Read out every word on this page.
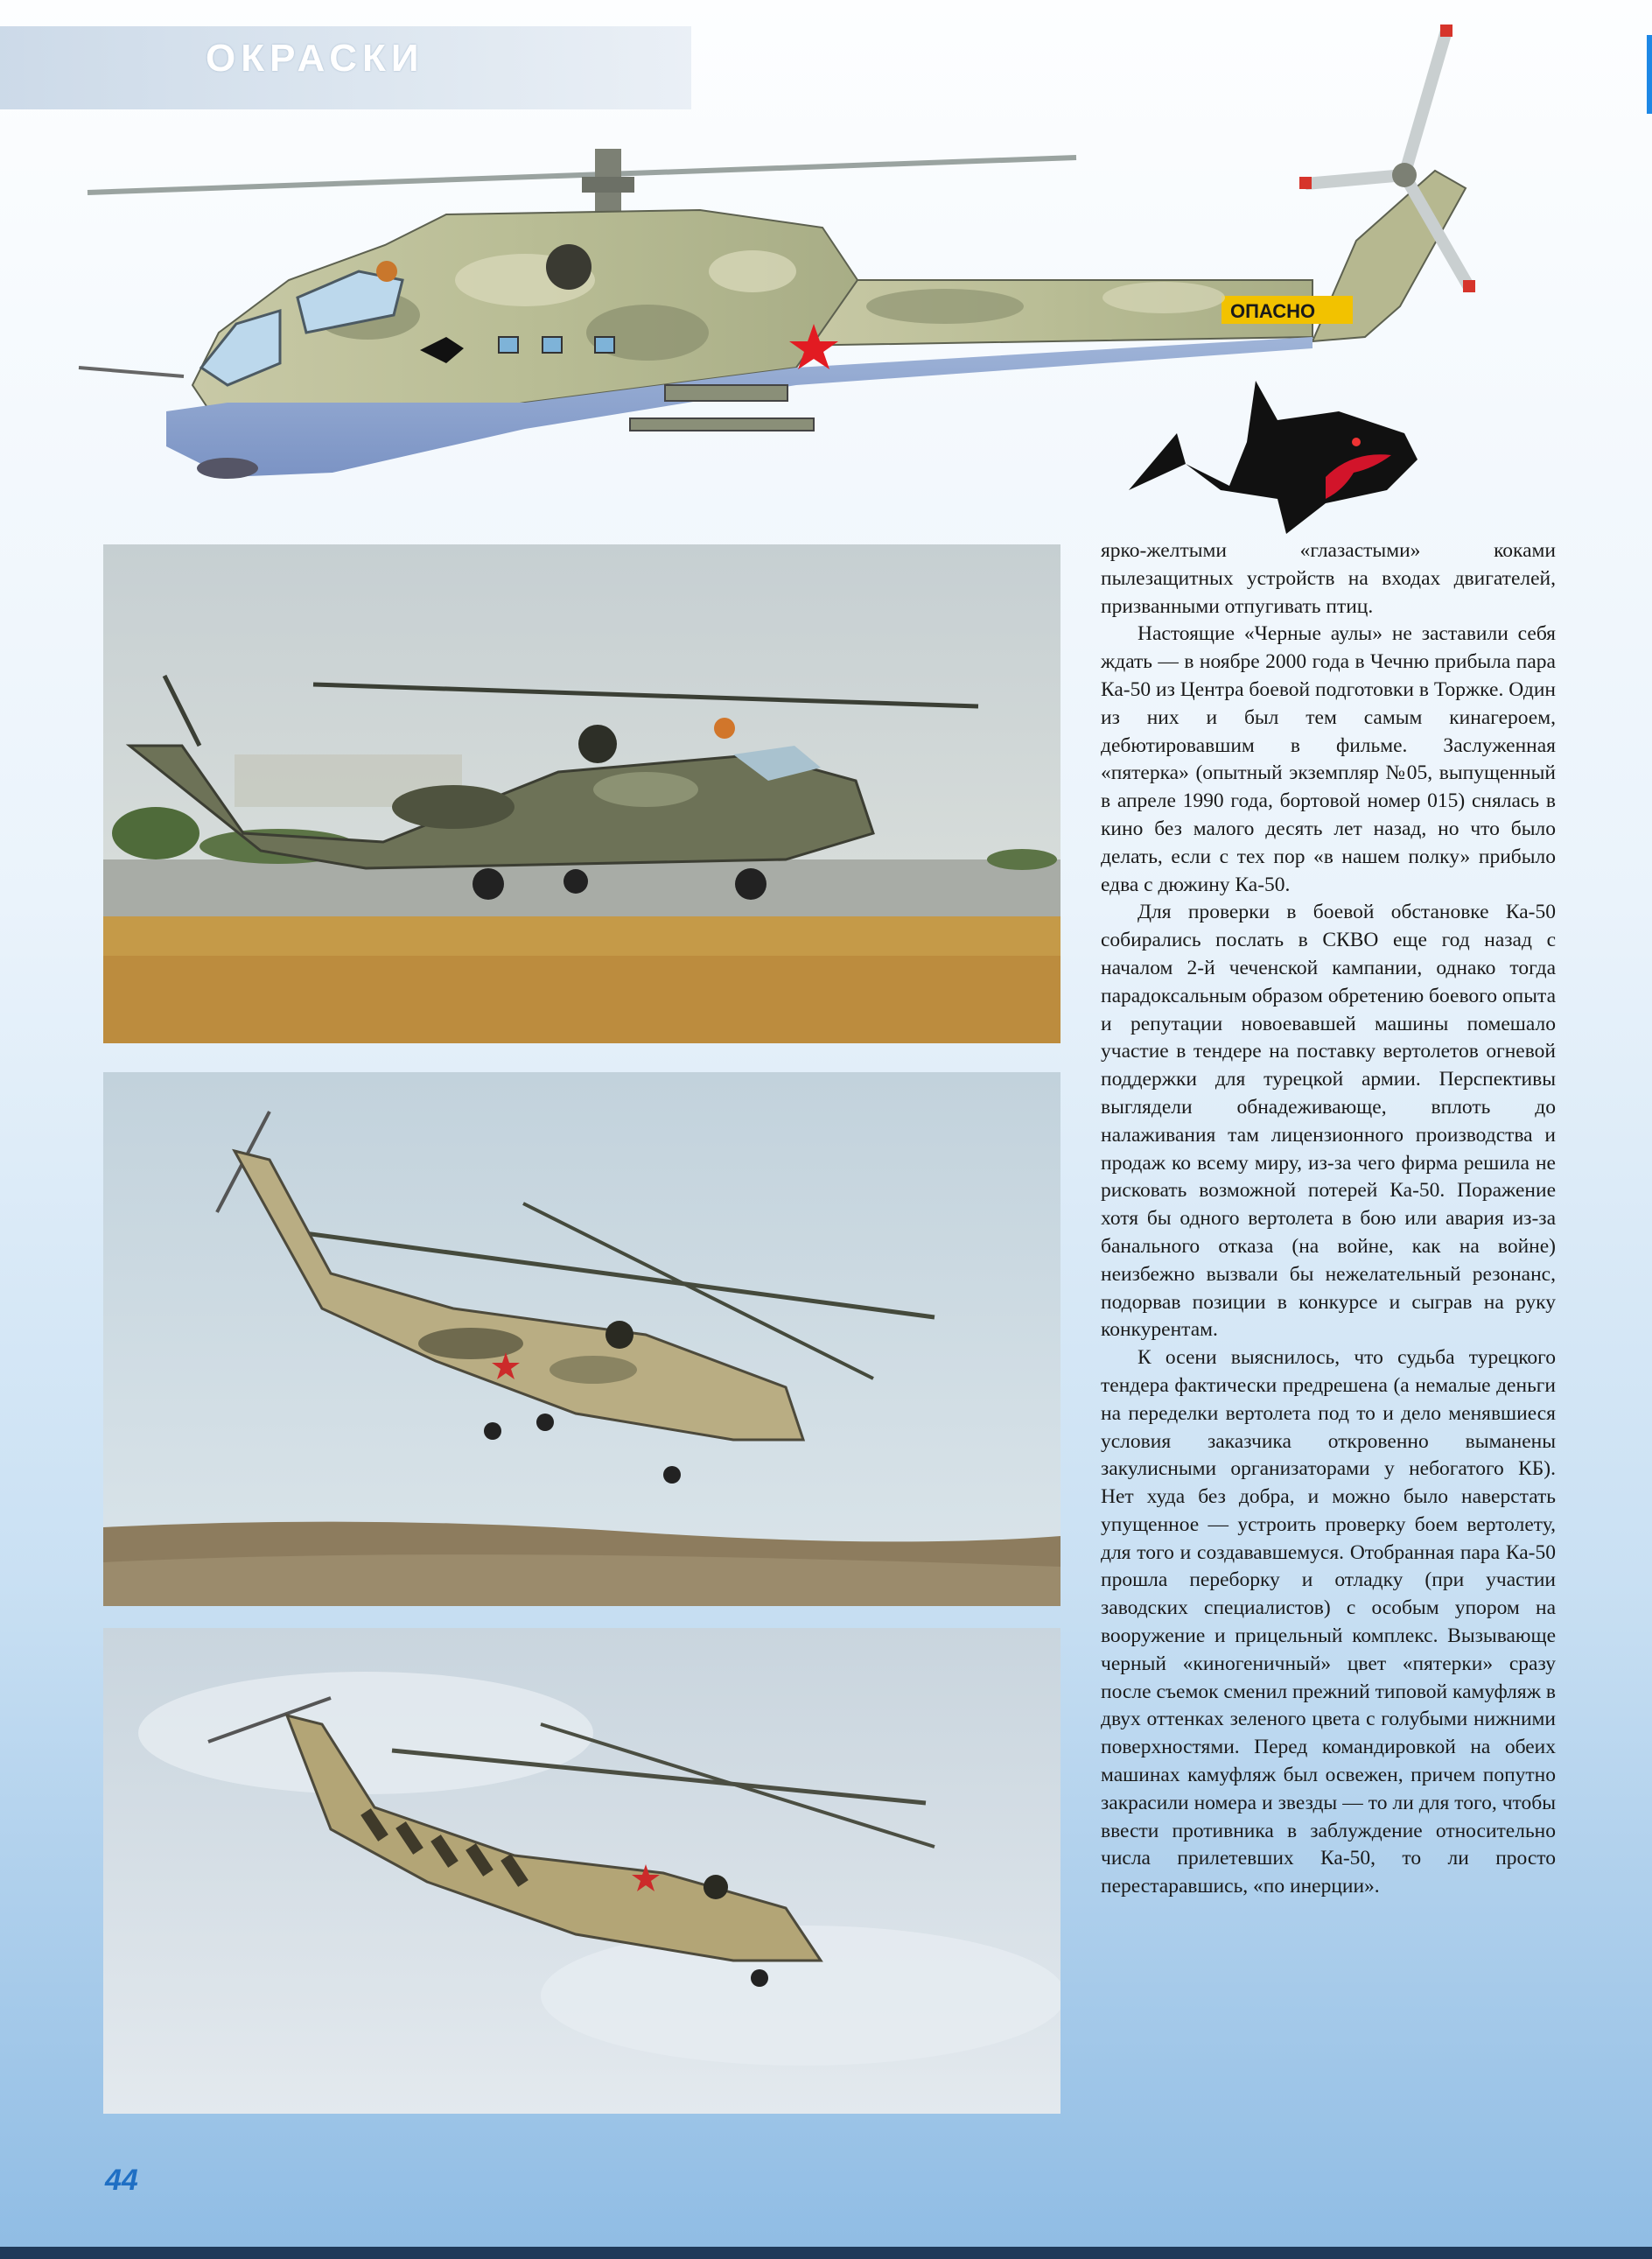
ОКРАСКИ
ОПАСНО

ярко-желтыми «глазастыми» коками пылезащитных устройств на входах двигателей, призванными отпугивать птиц.

Настоящие «Черные аулы» не заставили себя ждать — в ноябре 2000 года в Чечню прибыла пара Ка-50 из Центра боевой подготовки в Торжке. Один из них и был тем самым кинагероем, дебютировавшим в фильме. Заслуженная «пятерка» (опытный экземпляр №05, выпущенный в апреле 1990 года, бортовой номер 015) снялась в кино без малого десять лет назад, но что было делать, если с тех пор «в нашем полку» прибыло едва с дюжину Ка-50.

Для проверки в боевой обстановке Ка-50 собирались послать в СКВО еще год назад с началом 2-й чеченской кампании, однако тогда парадоксальным образом обретению боевого опыта и репутации новоевавшей машины помешало участие в тендере на поставку вертолетов огневой поддержки для турецкой армии. Перспективы выглядели обнадеживающе, вплоть до налаживания там лицензионного производства и продаж ко всему миру, из-за чего фирма решила не рисковать возможной потерей Ка-50. Поражение хотя бы одного вертолета в бою или авария из-за банального отказа (на войне, как на войне) неизбежно вызвали бы нежелательный резонанс, подорвав позиции в конкурсе и сыграв на руку конкурентам.

К осени выяснилось, что судьба турецкого тендера фактически предрешена (а немалые деньги на переделки вертолета под то и дело менявшиеся условия заказчика откровенно выманены закулисными организаторами у небогатого КБ). Нет худа без добра, и можно было наверстать упущенное — устроить проверку боем вертолету, для того и создававшемуся. Отобранная пара Ка-50 прошла переборку и отладку (при участии заводских специалистов) с особым упором на вооружение и прицельный комплекс. Вызывающе черный «киногеничный» цвет «пятерки» сразу после съемок сменил прежний типовой камуфляж в двух оттенках зеленого цвета с голубыми нижними поверхностями. Перед командировкой на обеих машинах камуфляж был освежен, причем попутно закрасили номера и звезды — то ли для того, чтобы ввести противника в заблуждение относительно числа прилетевших Ка-50, то ли просто перестаравшись, «по инерции».

44
